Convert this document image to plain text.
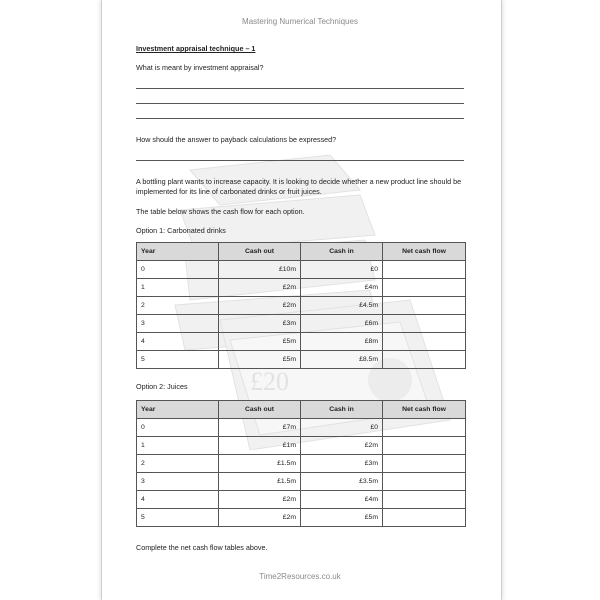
£20
Mastering Numerical Techniques
Investment appraisal technique – 1
What is meant by investment appraisal?
How should the answer to payback calculations be expressed?
A bottling plant wants to increase capacity. It is looking to decide whether a new product line should be implemented for its line of carbonated drinks or fruit juices.
The table below shows the cash flow for each option.
Option 1: Carbonated drinks
Year	Cash out	Cash in	Net cash flow
0	£10m	£0	
1	£2m	£4m	
2	£2m	£4.5m	
3	£3m	£6m	
4	£5m	£8m	
5	£5m	£8.5m	
Option 2: Juices
Year	Cash out	Cash in	Net cash flow
0	£7m	£0	
1	£1m	£2m	
2	£1.5m	£3m	
3	£1.5m	£3.5m	
4	£2m	£4m	
5	£2m	£5m	
Complete the net cash flow tables above.
Time2Resources.co.uk
